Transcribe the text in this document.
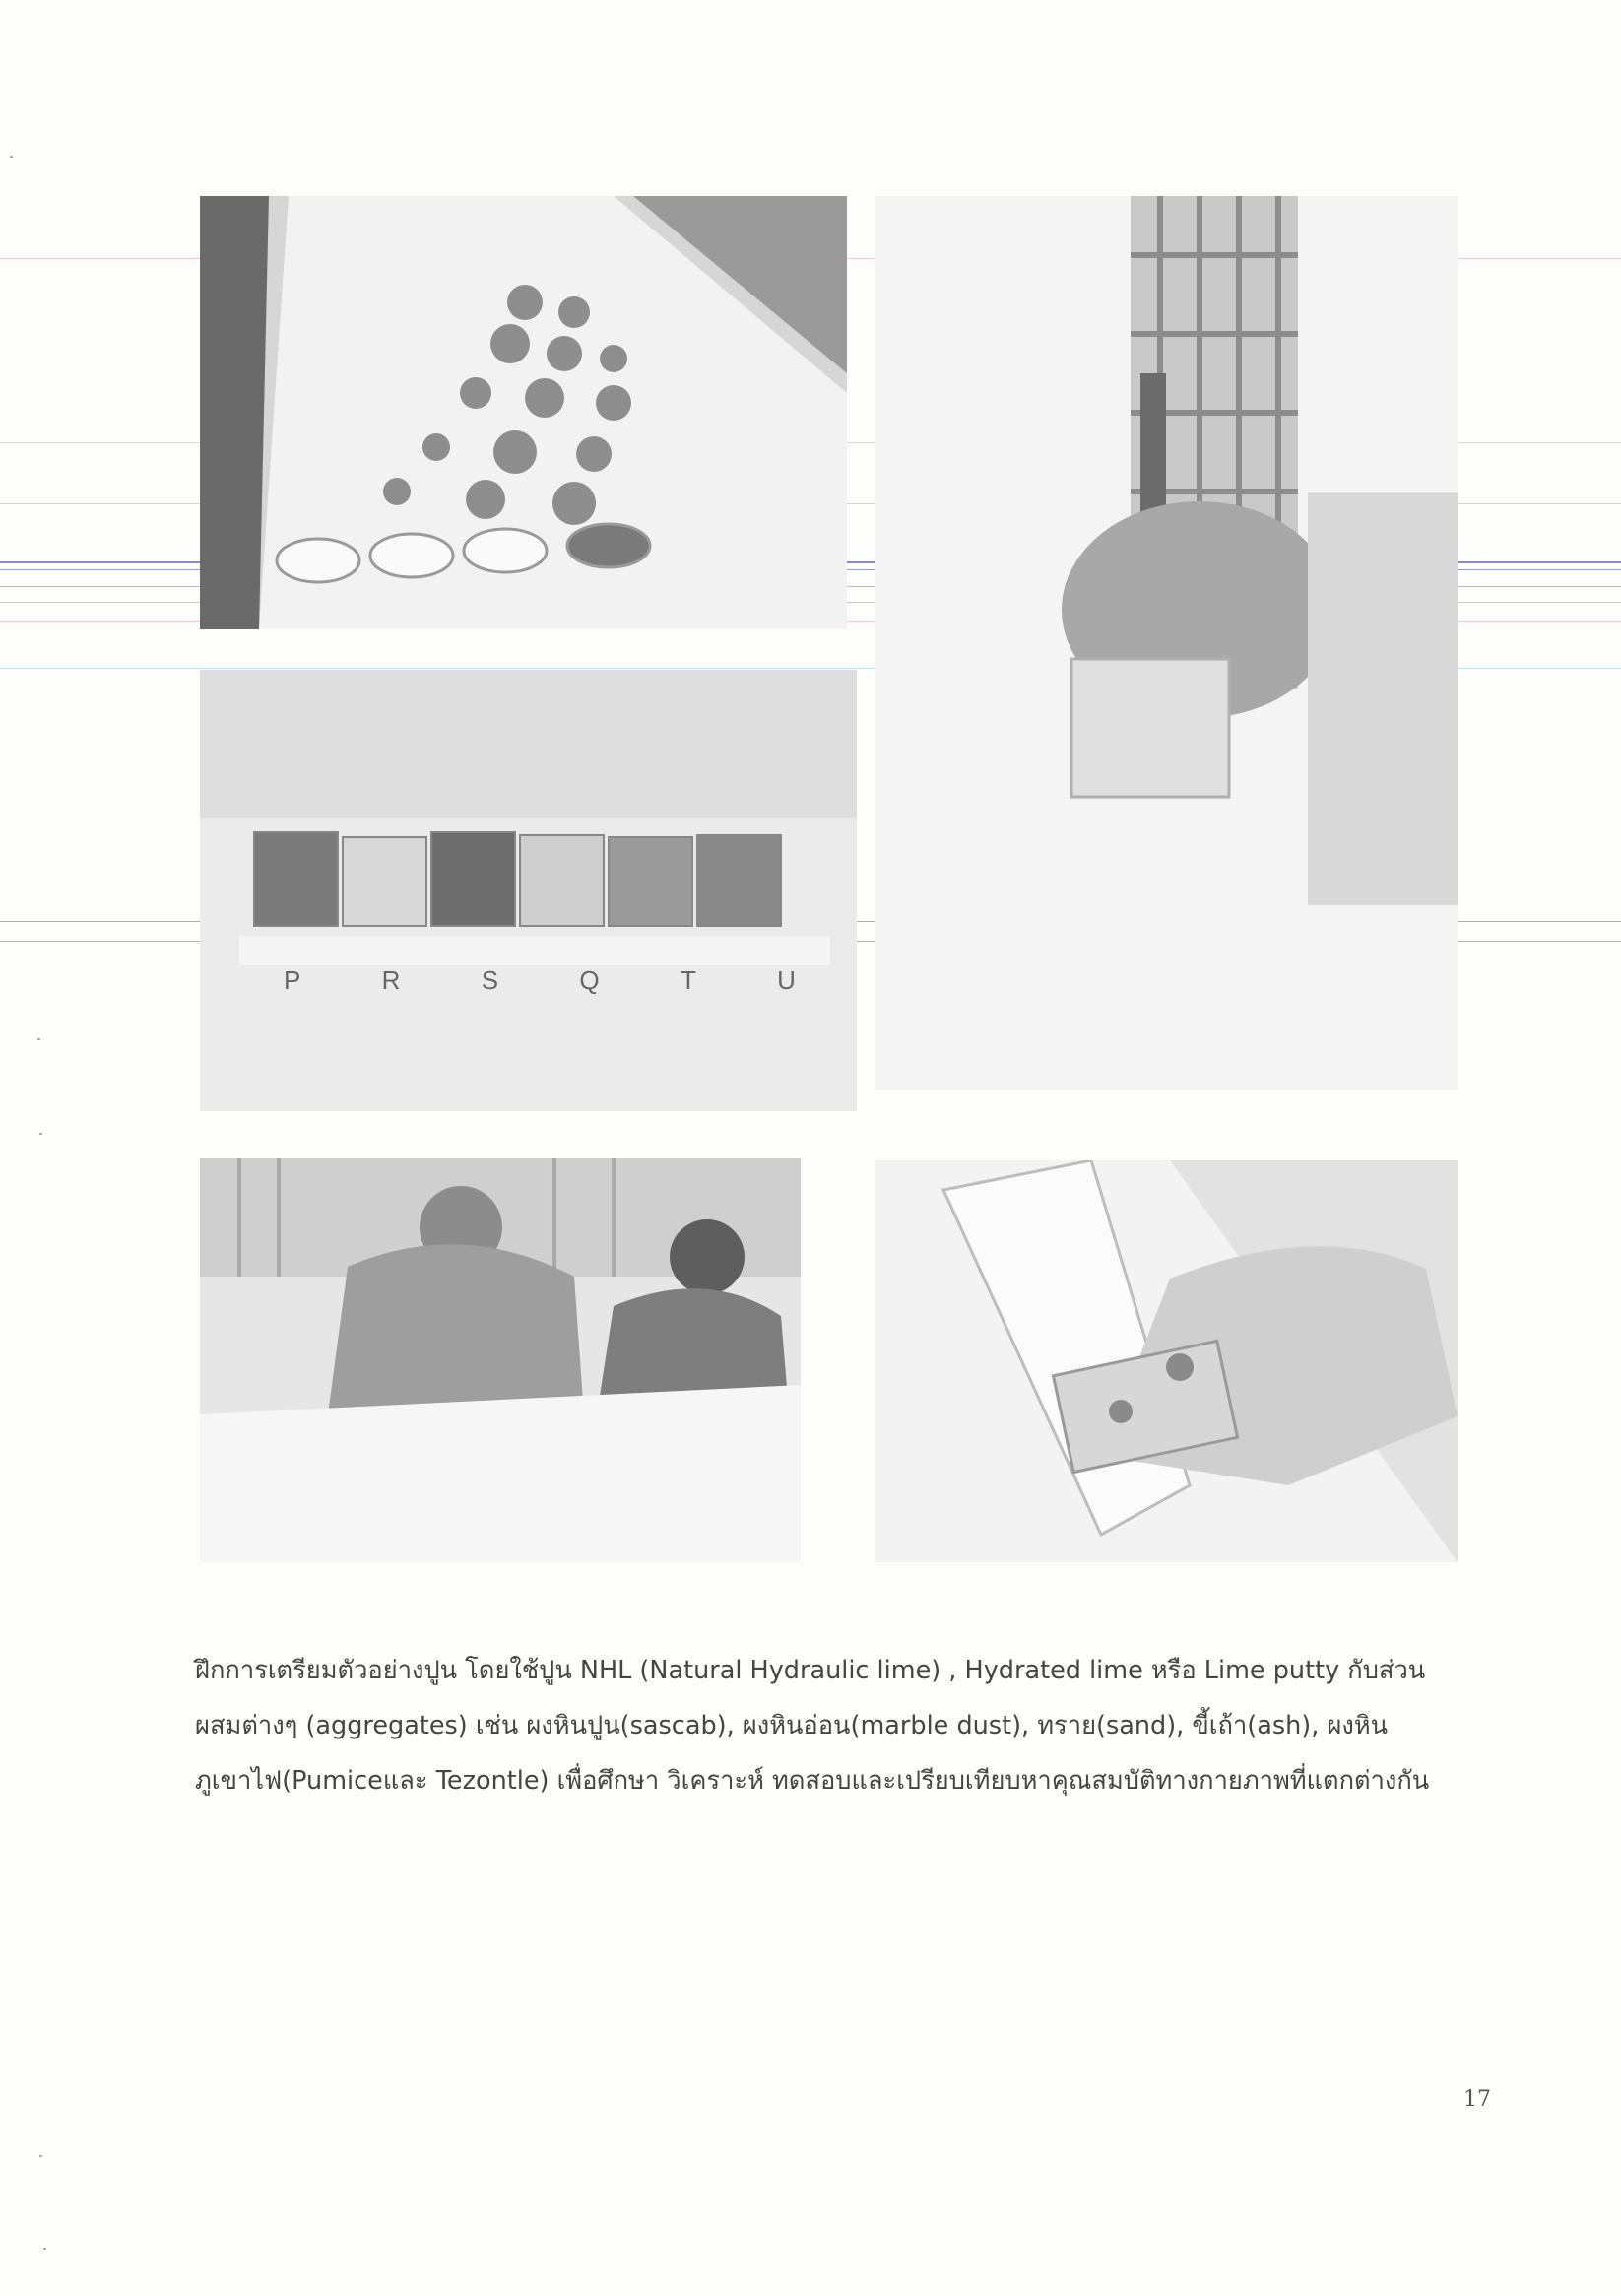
P	R	S	Q	T	U

ฝึกการเตรียมตัวอย่างปูน โดยใช้ปูน NHL (Natural Hydraulic lime) , Hydrated lime หรือ Lime putty กับส่วนผสมต่างๆ (aggregates) เช่น ผงหินปูน(sascab), ผงหินอ่อน(marble dust), ทราย(sand), ขี้เถ้า(ash), ผงหินภูเขาไฟ(Pumiceและ Tezontle) เพื่อศึกษา วิเคราะห์ ทดสอบและเปรียบเทียบหาคุณสมบัติทางกายภาพที่แตกต่างกัน

17
